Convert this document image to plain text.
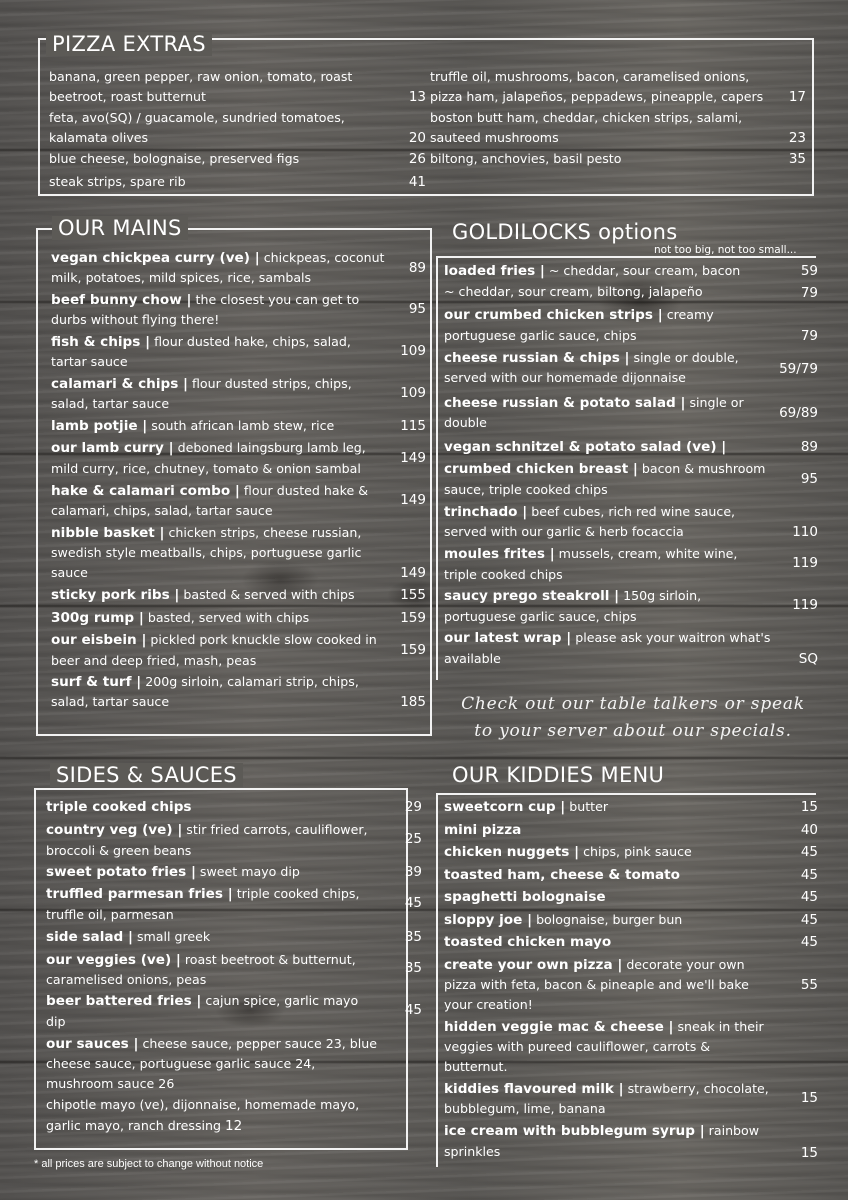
PIZZA EXTRAS
banana, green pepper, raw onion, tomato, roast
beetroot, roast butternut	13
feta, avo(SQ) / guacamole, sundried tomatoes,
kalamata olives	20
blue cheese, bolognaise, preserved figs	26
steak strips, spare rib	41
truffle oil, mushrooms, bacon, caramelised onions,
pizza ham, jalapeños, peppadews, pineapple, capers	17
boston butt ham, cheddar, chicken strips, salami,
sauteed mushrooms	23
biltong, anchovies, basil pesto	35
OUR MAINS
vegan chickpea curry (ve) | chickpeas, coconut
milk, potatoes, mild spices, rice, sambals
89
beef bunny chow | the closest you can get to
durbs without flying there!
95
fish & chips | flour dusted hake, chips, salad,
tartar sauce
109
calamari & chips | flour dusted strips, chips,
salad, tartar sauce
109
lamb potjie | south african lamb stew, rice	115
our lamb curry | deboned laingsburg lamb leg,
mild curry, rice, chutney, tomato & onion sambal
149
hake & calamari combo | flour dusted hake &
calamari, chips, salad, tartar sauce
149
nibble basket | chicken strips, cheese russian,
swedish style meatballs, chips, portuguese garlic
sauce	149
sticky pork ribs | basted & served with chips	155
300g rump | basted, served with chips	159
our eisbein | pickled pork knuckle slow cooked in
beer and deep fried, mash, peas
159
surf & turf | 200g sirloin, calamari strip, chips,
salad, tartar sauce	185
GOLDILOCKS options
not too big, not too small...
loaded fries | ~ cheddar, sour cream, bacon	59
~ cheddar, sour cream, biltong, jalapeño	79
our crumbed chicken strips | creamy
portuguese garlic sauce, chips	79
cheese russian & chips | single or double,
served with our homemade dijonnaise
59/79
cheese russian & potato salad | single or
double
69/89
vegan schnitzel & potato salad (ve) |	89
crumbed chicken breast | bacon & mushroom
sauce, triple cooked chips
95
trinchado | beef cubes, rich red wine sauce,
served with our garlic & herb focaccia	110
moules frites | mussels, cream, white wine,
triple cooked chips
119
saucy prego steakroll | 150g sirloin,
portuguese garlic sauce, chips
119
our latest wrap | please ask your waitron what's
available	SQ
Check out our table talkers or speak
to your server about our specials.
SIDES & SAUCES
triple cooked chips	29
country veg (ve) | stir fried carrots, cauliflower,
broccoli & green beans
25
sweet potato fries | sweet mayo dip	39
truffled parmesan fries | triple cooked chips,
truffle oil, parmesan
45
side salad | small greek	35
our veggies (ve) | roast beetroot & butternut,
caramelised onions, peas
35
beer battered fries | cajun spice, garlic mayo
dip
45
our sauces | cheese sauce, pepper sauce 23, blue
cheese sauce, portuguese garlic sauce 24,
mushroom sauce 26
chipotle mayo (ve), dijonnaise, homemade mayo,
garlic mayo, ranch dressing 12
* all prices are subject to change without notice
OUR KIDDIES MENU
sweetcorn cup | butter	15
mini pizza	40
chicken nuggets | chips, pink sauce	45
toasted ham, cheese & tomato	45
spaghetti bolognaise	45
sloppy joe | bolognaise, burger bun	45
toasted chicken mayo	45
create your own pizza | decorate your own
pizza with feta, bacon & pineaple and we'll bake
your creation!
55
hidden veggie mac & cheese | sneak in their
veggies with pureed cauliflower, carrots &
butternut.
kiddies flavoured milk | strawberry, chocolate,
bubblegum, lime, banana
15
ice cream with bubblegum syrup | rainbow
sprinkles	15
